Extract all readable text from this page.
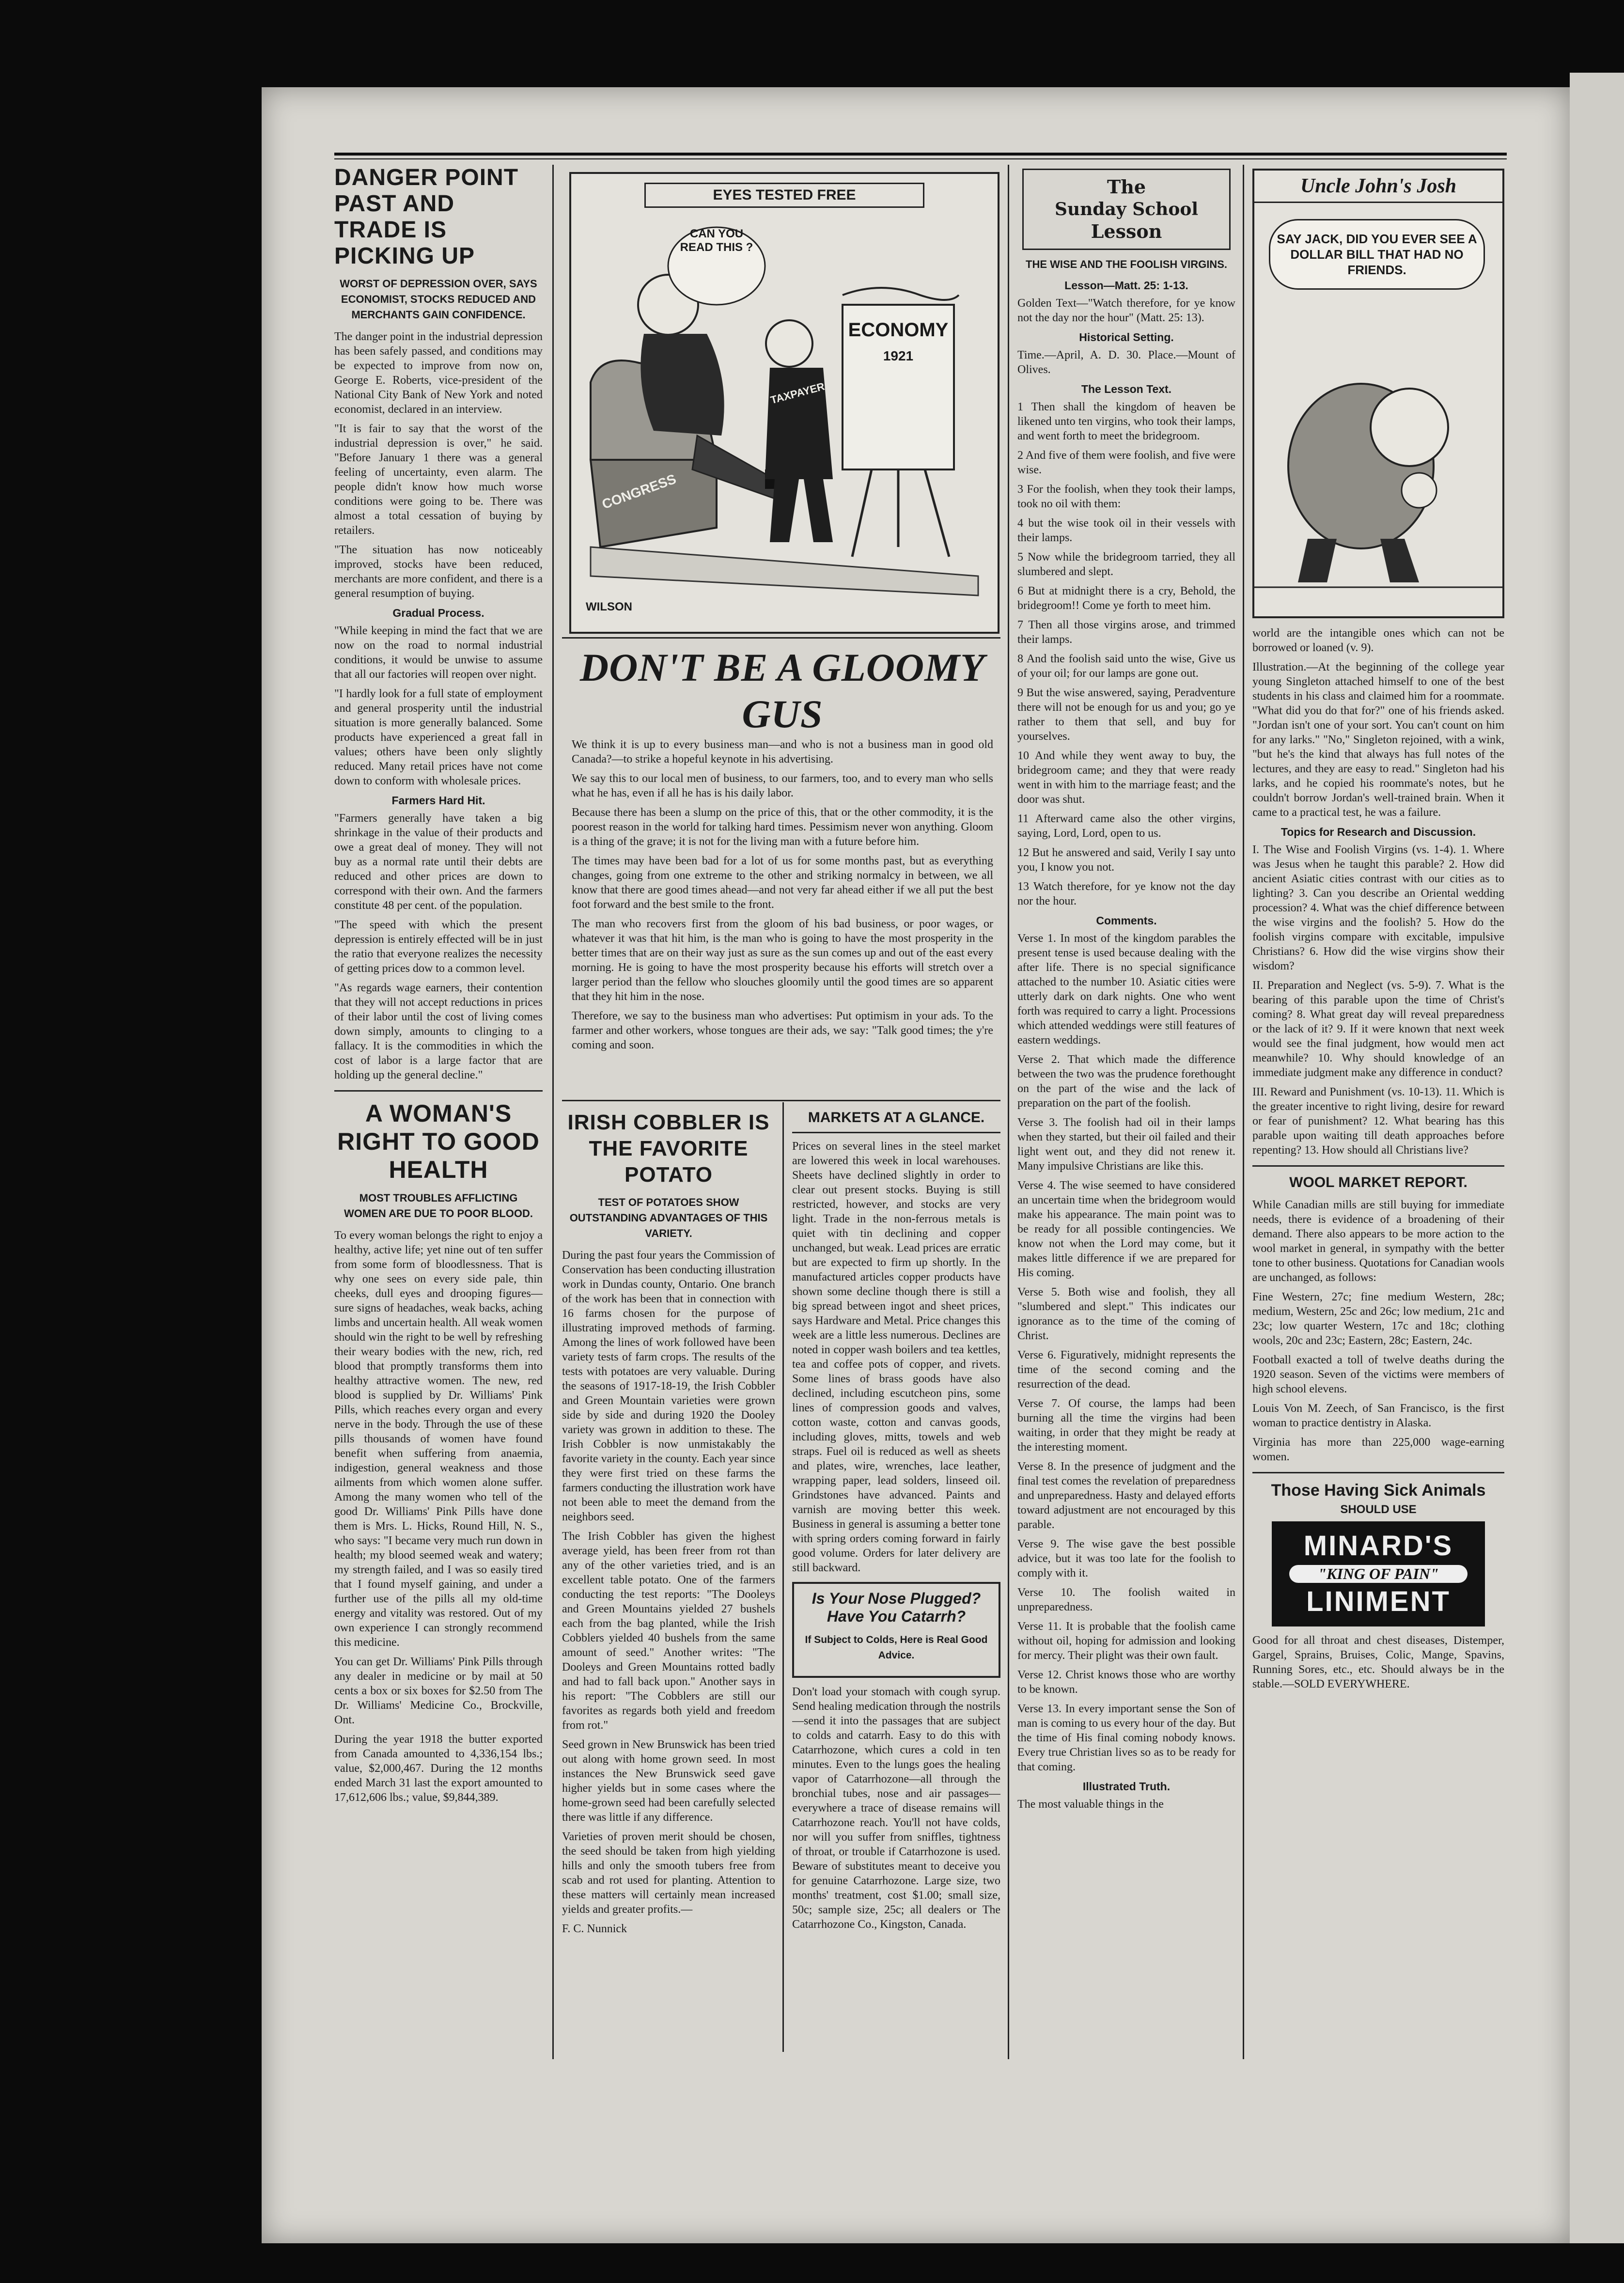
DANGER POINT PAST AND TRADE IS PICKING UP
WORST OF DEPRESSION OVER, SAYS ECONOMIST, STOCKS REDUCED AND MERCHANTS GAIN CONFIDENCE.

The danger point in the industrial depression has been safely passed, and conditions may be expected to improve from now on, George E. Roberts, vice-president of the National City Bank of New York and noted economist, declared in an interview.

"It is fair to say that the worst of the industrial depression is over," he said. "Before January 1 there was a general feeling of uncertainty, even alarm. The people didn't know how much worse conditions were going to be. There was almost a total cessation of buying by retailers.

"The situation has now noticeably improved, stocks have been reduced, merchants are more confident, and there is a general resumption of buying.

Gradual Process.

"While keeping in mind the fact that we are now on the road to normal industrial conditions, it would be unwise to assume that all our factories will reopen over night.

"I hardly look for a full state of employment and general prosperity until the industrial situation is more generally balanced. Some products have experienced a great fall in values; others have been only slightly reduced. Many retail prices have not come down to conform with wholesale prices.

Farmers Hard Hit.

"Farmers generally have taken a big shrinkage in the value of their products and owe a great deal of money. They will not buy as a normal rate until their debts are reduced and other prices are down to correspond with their own. And the farmers constitute 48 per cent. of the population.

"The speed with which the present depression is entirely effected will be in just the ratio that everyone realizes the necessity of getting prices dow to a common level.

"As regards wage earners, their contention that they will not accept reductions in prices of their labor until the cost of living comes down simply, amounts to clinging to a fallacy. It is the commodities in which the cost of labor is a large factor that are holding up the general decline."

A WOMAN'S RIGHT TO GOOD HEALTH
MOST TROUBLES AFFLICTING WOMEN ARE DUE TO POOR BLOOD.

To every woman belongs the right to enjoy a healthy, active life; yet nine out of ten suffer from some form of bloodlessness. That is why one sees on every side pale, thin cheeks, dull eyes and drooping figures—sure signs of headaches, weak backs, aching limbs and uncertain health. All weak women should win the right to be well by refreshing their weary bodies with the new, rich, red blood that promptly transforms them into healthy attractive women. The new, red blood is supplied by Dr. Williams' Pink Pills, which reaches every organ and every nerve in the body. Through the use of these pills thousands of women have found benefit when suffering from anaemia, indigestion, general weakness and those ailments from which women alone suffer. Among the many women who tell of the good Dr. Williams' Pink Pills have done them is Mrs. L. Hicks, Round Hill, N. S., who says: "I became very much run down in health; my blood seemed weak and watery; my strength failed, and I was so easily tired that I found myself gaining, and under a further use of the pills all my old-time energy and vitality was restored. Out of my own experience I can strongly recommend this medicine.

You can get Dr. Williams' Pink Pills through any dealer in medicine or by mail at 50 cents a box or six boxes for $2.50 from The Dr. Williams' Medicine Co., Brockville, Ont.

During the year 1918 the butter exported from Canada amounted to 4,336,154 lbs.; value, $2,000,467. During the 12 months ended March 31 last the export amounted to 17,612,606 lbs.; value, $9,844,389.

EYES TESTED FREE
CAN YOU READ THIS ?
ECONOMY
1921
CONGRESS
TAXPAYER
WILSON
DON'T BE A GLOOMY GUS

We think it is up to every business man—and who is not a business man in good old Canada?—to strike a hopeful keynote in his advertising.

We say this to our local men of business, to our farmers, too, and to every man who sells what he has, even if all he has is his daily labor.

Because there has been a slump on the price of this, that or the other commodity, it is the poorest reason in the world for talking hard times. Pessimism never won anything. Gloom is a thing of the grave; it is not for the living man with a future before him.

The times may have been bad for a lot of us for some months past, but as everything changes, going from one extreme to the other and striking normalcy in between, we all know that there are good times ahead—and not very far ahead either if we all put the best foot forward and the best smile to the front.

The man who recovers first from the gloom of his bad business, or poor wages, or whatever it was that hit him, is the man who is going to have the most prosperity in the better times that are on their way just as sure as the sun comes up and out of the east every morning. He is going to have the most prosperity because his efforts will stretch over a larger period than the fellow who slouches gloomily until the good times are so apparent that they hit him in the nose.

Therefore, we say to the business man who advertises: Put optimism in your ads. To the farmer and other workers, whose tongues are their ads, we say: "Talk good times; the y're coming and soon.

IRISH COBBLER IS THE FAVORITE POTATO
TEST OF POTATOES SHOW OUTSTANDING ADVANTAGES OF THIS VARIETY.

During the past four years the Commission of Conservation has been conducting illustration work in Dundas county, Ontario. One branch of the work has been that in connection with 16 farms chosen for the purpose of illustrating improved methods of farming. Among the lines of work followed have been variety tests of farm crops. The results of the tests with potatoes are very valuable. During the seasons of 1917-18-19, the Irish Cobbler and Green Mountain varieties were grown side by side and during 1920 the Dooley variety was grown in addition to these. The Irish Cobbler is now unmistakably the favorite variety in the county. Each year since they were first tried on these farms the farmers conducting the illustration work have not been able to meet the demand from the neighbors seed.

The Irish Cobbler has given the highest average yield, has been freer from rot than any of the other varieties tried, and is an excellent table potato. One of the farmers conducting the test reports: "The Dooleys and Green Mountains yielded 27 bushels each from the bag planted, while the Irish Cobblers yielded 40 bushels from the same amount of seed." Another writes: "The Dooleys and Green Mountains rotted badly and had to fall back upon." Another says in his report: "The Cobblers are still our favorites as regards both yield and freedom from rot."

Seed grown in New Brunswick has been tried out along with home grown seed. In most instances the New Brunswick seed gave higher yields but in some cases where the home-grown seed had been carefully selected there was little if any difference.

Varieties of proven merit should be chosen, the seed should be taken from high yielding hills and only the smooth tubers free from scab and rot used for planting. Attention to these matters will certainly mean increased yields and greater profits.—

F. C. Nunnick

MARKETS AT A GLANCE.

Prices on several lines in the steel market are lowered this week in local warehouses. Sheets have declined slightly in order to clear out present stocks. Buying is still restricted, however, and stocks are very light. Trade in the non-ferrous metals is quiet with tin declining and copper unchanged, but weak. Lead prices are erratic but are expected to firm up shortly. In the manufactured articles copper products have shown some decline though there is still a big spread between ingot and sheet prices, says Hardware and Metal. Price changes this week are a little less numerous. Declines are noted in copper wash boilers and tea kettles, tea and coffee pots of copper, and rivets. Some lines of brass goods have also declined, including escutcheon pins, some lines of compression goods and valves, cotton waste, cotton and canvas goods, including gloves, mitts, towels and web straps. Fuel oil is reduced as well as sheets and plates, wire, wrenches, lace leather, wrapping paper, lead solders, linseed oil. Grindstones have advanced. Paints and varnish are moving better this week. Business in general is assuming a better tone with spring orders coming forward in fairly good volume. Orders for later delivery are still backward.

Is Your Nose Plugged?
Have You Catarrh?
If Subject to Colds, Here is Real Good Advice.

Don't load your stomach with cough syrup. Send healing medication through the nostrils—send it into the passages that are subject to colds and catarrh. Easy to do this with Catarrhozone, which cures a cold in ten minutes. Even to the lungs goes the healing vapor of Catarrhozone—all through the bronchial tubes, nose and air passages—everywhere a trace of disease remains will Catarrhozone reach. You'll not have colds, nor will you suffer from sniffles, tightness of throat, or trouble if Catarrhozone is used. Beware of substitutes meant to deceive you for genuine Catarrhozone. Large size, two months' treatment, cost $1.00; small size, 50c; sample size, 25c; all dealers or The Catarrhozone Co., Kingston, Canada.

The
Sunday School
Lesson
THE WISE AND THE FOOLISH VIRGINS.
Lesson—Matt. 25: 1-13.

Golden Text—"Watch therefore, for ye know not the day nor the hour" (Matt. 25: 13).

Historical Setting.

Time.—April, A. D. 30. Place.—Mount of Olives.

The Lesson Text.

1 Then shall the kingdom of heaven be likened unto ten virgins, who took their lamps, and went forth to meet the bridegroom.

2 And five of them were foolish, and five were wise.

3 For the foolish, when they took their lamps, took no oil with them:

4 but the wise took oil in their vessels with their lamps.

5 Now while the bridegroom tarried, they all slumbered and slept.

6 But at midnight there is a cry, Behold, the bridegroom!! Come ye forth to meet him.

7 Then all those virgins arose, and trimmed their lamps.

8 And the foolish said unto the wise, Give us of your oil; for our lamps are gone out.

9 But the wise answered, saying, Peradventure there will not be enough for us and you; go ye rather to them that sell, and buy for yourselves.

10 And while they went away to buy, the bridegroom came; and they that were ready went in with him to the marriage feast; and the door was shut.

11 Afterward came also the other virgins, saying, Lord, Lord, open to us.

12 But he answered and said, Verily I say unto you, I know you not.

13 Watch therefore, for ye know not the day nor the hour.

Comments.

Verse 1. In most of the kingdom parables the present tense is used because dealing with the after life. There is no special significance attached to the number 10. Asiatic cities were utterly dark on dark nights. One who went forth was required to carry a light. Processions which attended weddings were still features of eastern weddings.

Verse 2. That which made the difference between the two was the prudence forethought on the part of the wise and the lack of preparation on the part of the foolish.

Verse 3. The foolish had oil in their lamps when they started, but their oil failed and their light went out, and they did not renew it. Many impulsive Christians are like this.

Verse 4. The wise seemed to have considered an uncertain time when the bridegroom would make his appearance. The main point was to be ready for all possible contingencies. We know not when the Lord may come, but it makes little difference if we are prepared for His coming.

Verse 5. Both wise and foolish, they all "slumbered and slept." This indicates our ignorance as to the time of the coming of Christ.

Verse 6. Figuratively, midnight represents the time of the second coming and the resurrection of the dead.

Verse 7. Of course, the lamps had been burning all the time the virgins had been waiting, in order that they might be ready at the interesting moment.

Verse 8. In the presence of judgment and the final test comes the revelation of preparedness and unpreparedness. Hasty and delayed efforts toward adjustment are not encouraged by this parable.

Verse 9. The wise gave the best possible advice, but it was too late for the foolish to comply with it.

Verse 10. The foolish waited in unpreparedness.

Verse 11. It is probable that the foolish came without oil, hoping for admission and looking for mercy. Their plight was their own fault.

Verse 12. Christ knows those who are worthy to be known.

Verse 13. In every important sense the Son of man is coming to us every hour of the day. But the time of His final coming nobody knows. Every true Christian lives so as to be ready for that coming.

Illustrated Truth.

The most valuable things in the

Uncle John's Josh
SAY JACK, DID YOU EVER SEE A DOLLAR BILL THAT HAD NO FRIENDS.

world are the intangible ones which can not be borrowed or loaned (v. 9).

Illustration.—At the beginning of the college year young Singleton attached himself to one of the best students in his class and claimed him for a roommate. "What did you do that for?" one of his friends asked. "Jordan isn't one of your sort. You can't count on him for any larks." "No," Singleton rejoined, with a wink, "but he's the kind that always has full notes of the lectures, and they are easy to read." Singleton had his larks, and he copied his roommate's notes, but he couldn't borrow Jordan's well-trained brain. When it came to a practical test, he was a failure.

Topics for Research and Discussion.

I. The Wise and Foolish Virgins (vs. 1-4). 1. Where was Jesus when he taught this parable? 2. How did ancient Asiatic cities contrast with our cities as to lighting? 3. Can you describe an Oriental wedding procession? 4. What was the chief difference between the wise virgins and the foolish? 5. How do the foolish virgins compare with excitable, impulsive Christians? 6. How did the wise virgins show their wisdom?

II. Preparation and Neglect (vs. 5-9). 7. What is the bearing of this parable upon the time of Christ's coming? 8. What great day will reveal preparedness or the lack of it? 9. If it were known that next week would see the final judgment, how would men act meanwhile? 10. Why should knowledge of an immediate judgment make any difference in conduct?

III. Reward and Punishment (vs. 10-13). 11. Which is the greater incentive to right living, desire for reward or fear of punishment? 12. What bearing has this parable upon waiting till death approaches before repenting? 13. How should all Christians live?

WOOL MARKET REPORT.

While Canadian mills are still buying for immediate needs, there is evidence of a broadening of their demand. There also appears to be more action to the wool market in general, in sympathy with the better tone to other business. Quotations for Canadian wools are unchanged, as follows:

Fine Western, 27c; fine medium Western, 28c; medium, Western, 25c and 26c; low medium, 21c and 23c; low quarter Western, 17c and 18c; clothing wools, 20c and 23c; Eastern, 28c; Eastern, 24c.

Football exacted a toll of twelve deaths during the 1920 season. Seven of the victims were members of high school elevens.

Louis Von M. Zeech, of San Francisco, is the first woman to practice dentistry in Alaska.

Virginia has more than 225,000 wage-earning women.

Those Having Sick Animals
SHOULD USE
MINARD'S
"KING OF PAIN"
LINIMENT

Good for all throat and chest diseases, Distemper, Gargel, Sprains, Bruises, Colic, Mange, Spavins, Running Sores, etc., etc. Should always be in the stable.—SOLD EVERYWHERE.
